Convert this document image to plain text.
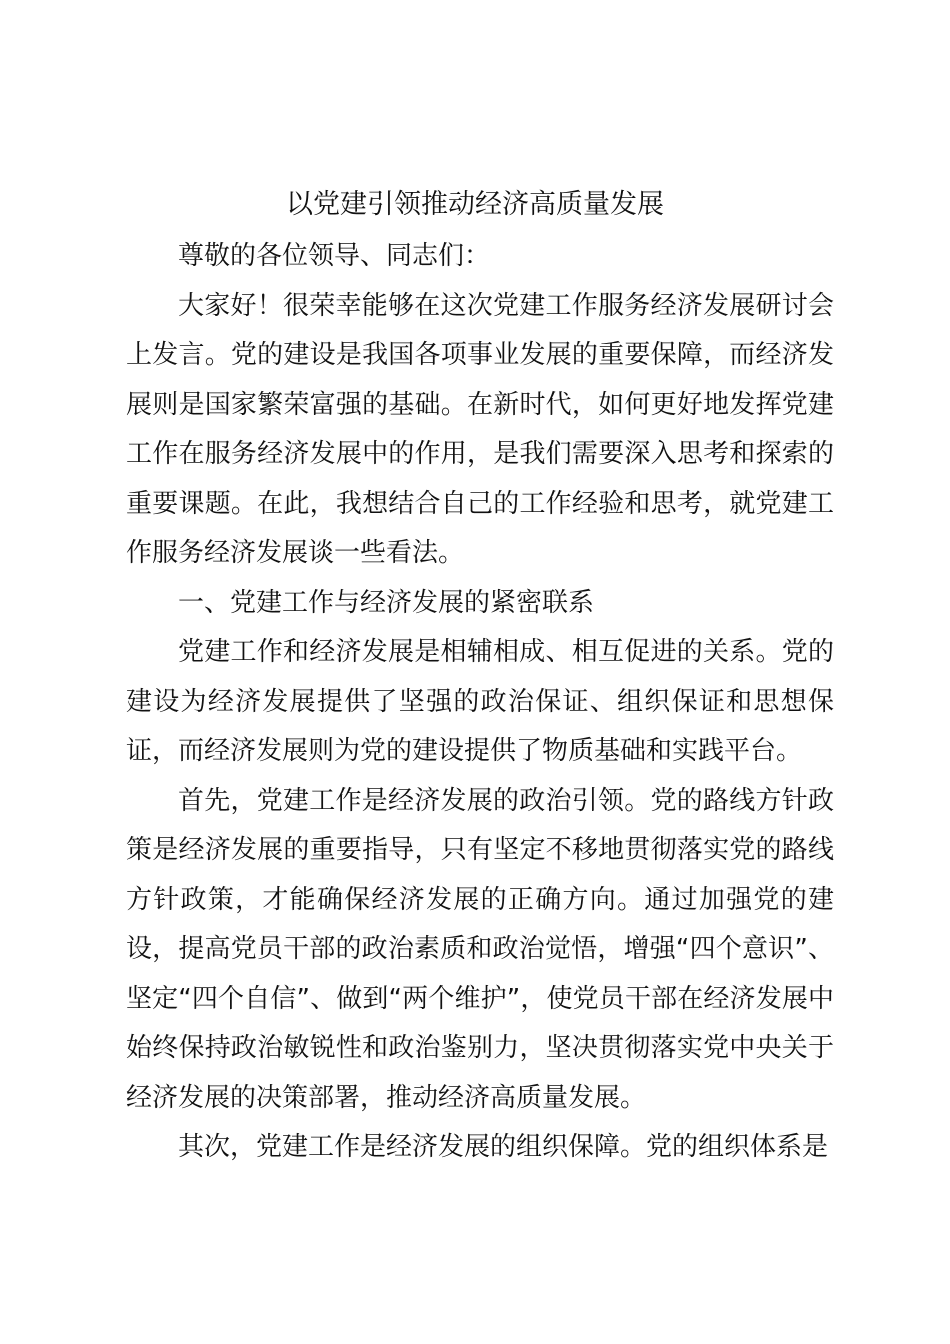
以党建引领推动经济高质量发展

尊敬的各位领导、同志们：

大家好！很荣幸能够在这次党建工作服务经济发展研讨会上发言。党的建设是我国各项事业发展的重要保障，而经济发展则是国家繁荣富强的基础。在新时代，如何更好地发挥党建工作在服务经济发展中的作用，是我们需要深入思考和探索的重要课题。在此，我想结合自己的工作经验和思考，就党建工作服务经济发展谈一些看法。

一、党建工作与经济发展的紧密联系

党建工作和经济发展是相辅相成、相互促进的关系。党的建设为经济发展提供了坚强的政治保证、组织保证和思想保证，而经济发展则为党的建设提供了物质基础和实践平台。

首先，党建工作是经济发展的政治引领。党的路线方针政策是经济发展的重要指导，只有坚定不移地贯彻落实党的路线方针政策，才能确保经济发展的正确方向。通过加强党的建设，提高党员干部的政治素质和政治觉悟，增强“四个意识”、坚定“四个自信”、做到“两个维护”，使党员干部在经济发展中始终保持政治敏锐性和政治鉴别力，坚决贯彻落实党中央关于经济发展的决策部署，推动经济高质量发展。

其次，党建工作是经济发展的组织保障。党的组织体系是
